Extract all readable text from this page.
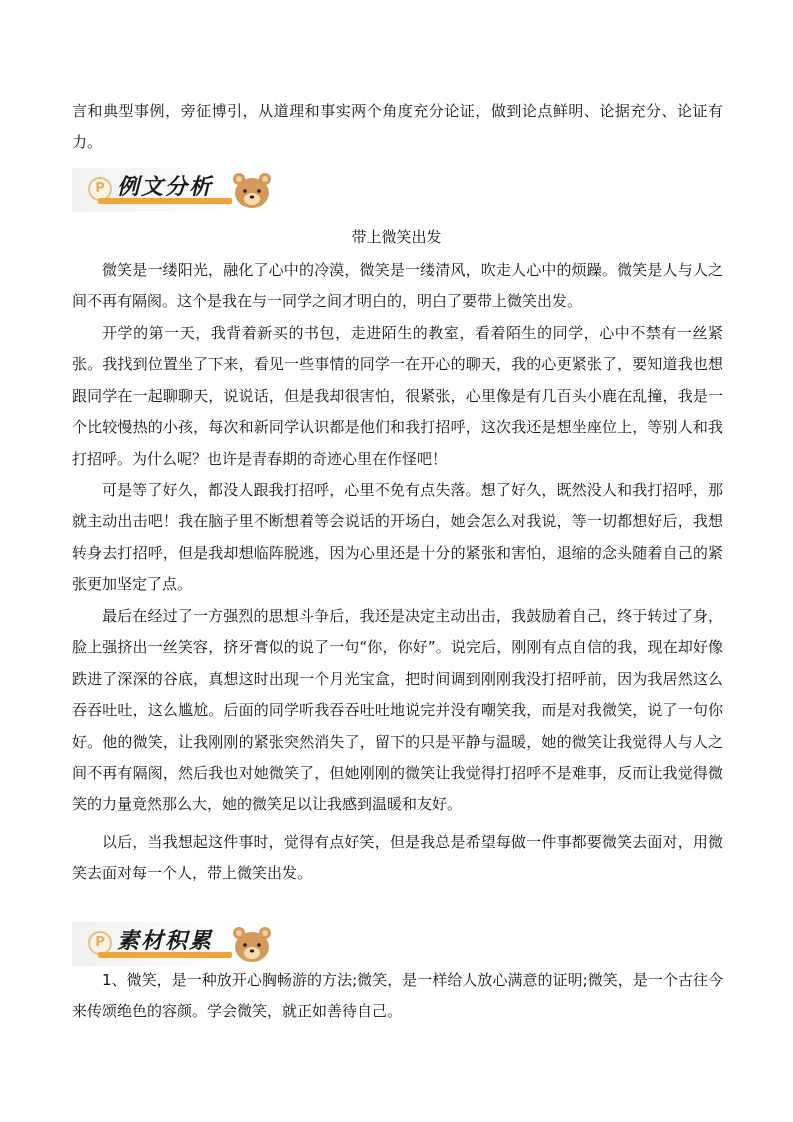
言和典型事例，旁征博引，从道理和事实两个角度充分论证，做到论点鲜明、论据充分、论证有力。

P 例文分析
带上微笑出发

微笑是一缕阳光，融化了心中的冷漠，微笑是一缕清风，吹走人心中的烦躁。微笑是人与人之间不再有隔阂。这个是我在与一同学之间才明白的，明白了要带上微笑出发。

开学的第一天，我背着新买的书包，走进陌生的教室，看着陌生的同学，心中不禁有一丝紧张。我找到位置坐了下来，看见一些事情的同学一在开心的聊天，我的心更紧张了，要知道我也想跟同学在一起聊聊天，说说话，但是我却很害怕，很紧张，心里像是有几百头小鹿在乱撞，我是一个比较慢热的小孩，每次和新同学认识都是他们和我打招呼，这次我还是想坐座位上，等别人和我打招呼。为什么呢？也许是青春期的奇迹心里在作怪吧！

可是等了好久，都没人跟我打招呼，心里不免有点失落。想了好久，既然没人和我打招呼，那就主动出击吧！我在脑子里不断想着等会说话的开场白，她会怎么对我说，等一切都想好后，我想转身去打招呼，但是我却想临阵脱逃，因为心里还是十分的紧张和害怕，退缩的念头随着自己的紧张更加坚定了点。

最后在经过了一方强烈的思想斗争后，我还是决定主动出击，我鼓励着自己，终于转过了身，脸上强挤出一丝笑容，挤牙膏似的说了一句“你，你好”。说完后，刚刚有点自信的我，现在却好像跌进了深深的谷底，真想这时出现一个月光宝盒，把时间调到刚刚我没打招呼前，因为我居然这么吞吞吐吐，这么尴尬。后面的同学听我吞吞吐吐地说完并没有嘲笑我，而是对我微笑，说了一句你好。他的微笑，让我刚刚的紧张突然消失了，留下的只是平静与温暖，她的微笑让我觉得人与人之间不再有隔阂，然后我也对她微笑了，但她刚刚的微笑让我觉得打招呼不是难事，反而让我觉得微笑的力量竟然那么大，她的微笑足以让我感到温暖和友好。

以后，当我想起这件事时，觉得有点好笑，但是我总是希望每做一件事都要微笑去面对，用微笑去面对每一个人，带上微笑出发。

P 素材积累

1、微笑，是一种放开心胸畅游的方法;微笑，是一样给人放心满意的证明;微笑，是一个古往今来传颂绝色的容颜。学会微笑，就正如善待自己。
